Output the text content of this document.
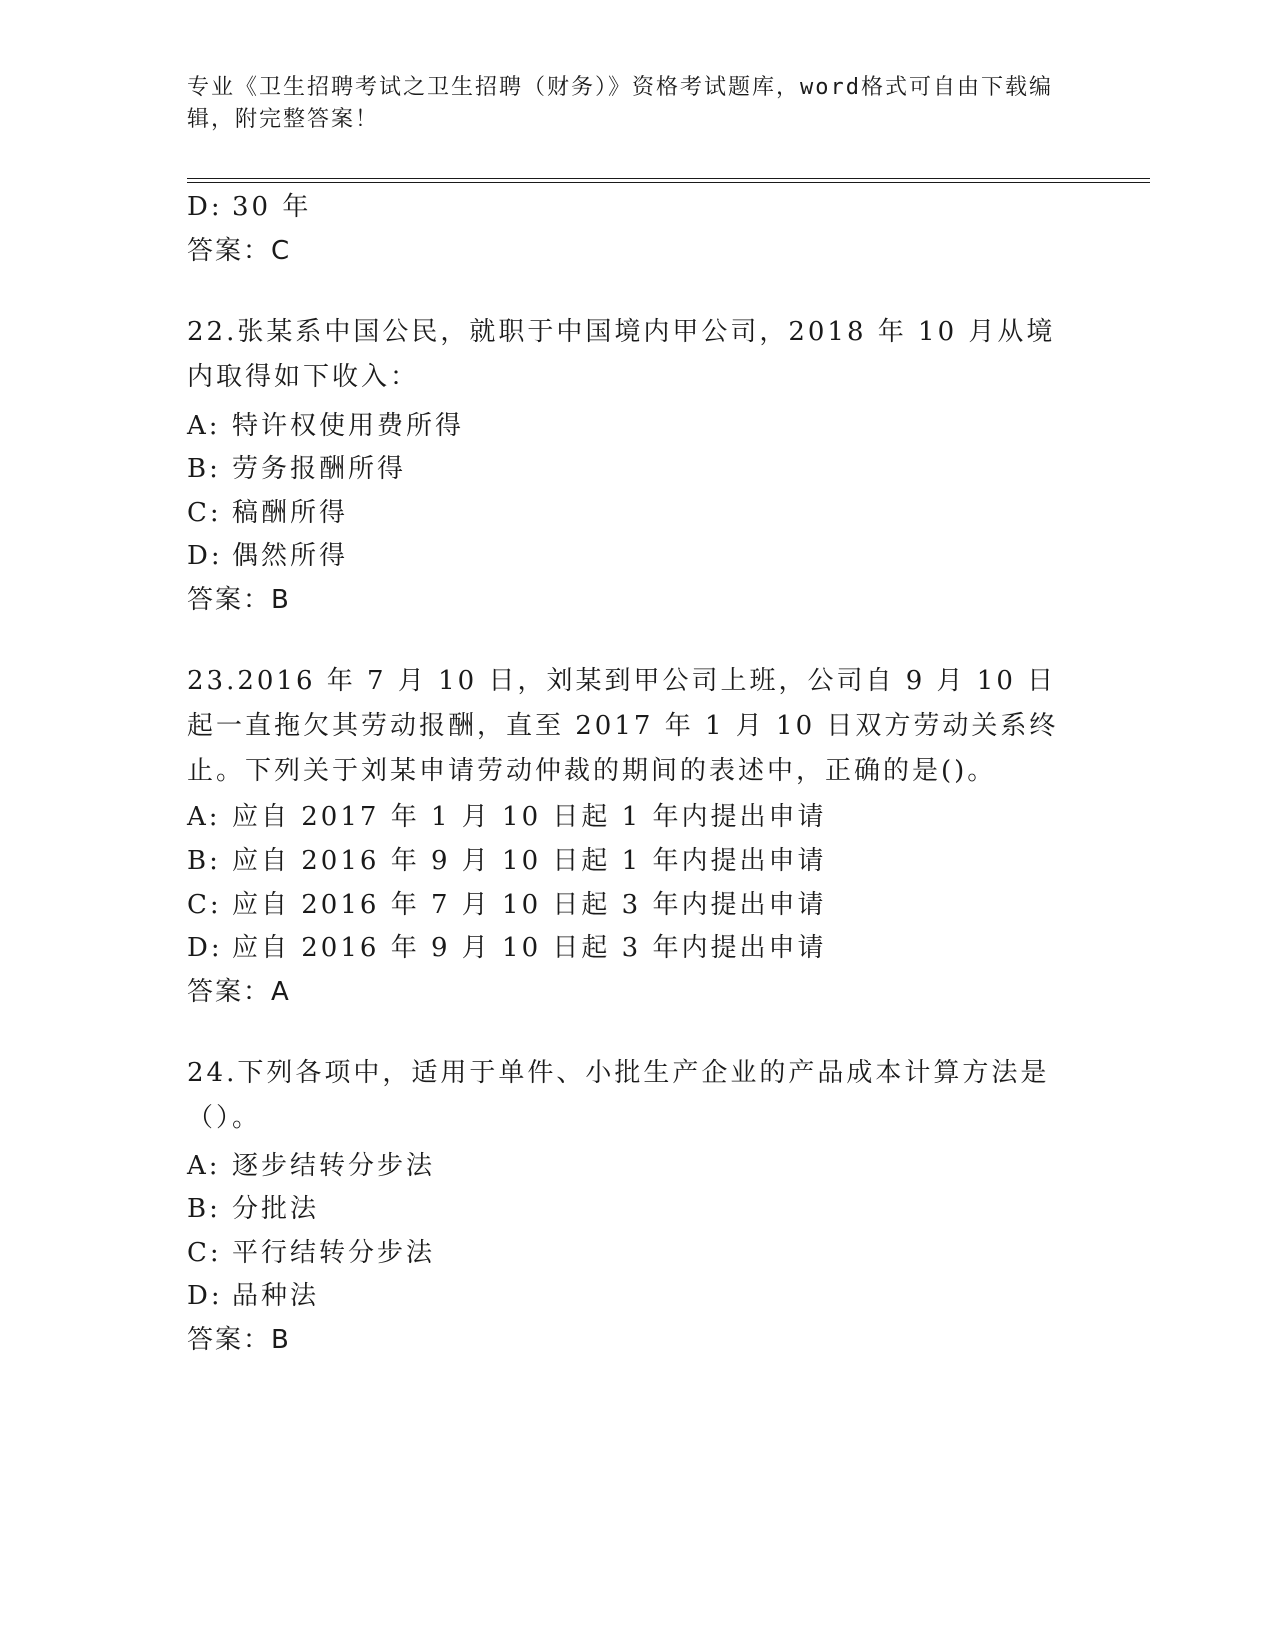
专业《卫生招聘考试之卫生招聘（财务）》资格考试题库，word格式可自由下载编辑，附完整答案！
D: 30 年
答案：C
22.张某系中国公民，就职于中国境内甲公司，2018 年 10 月从境内取得如下收入：
A: 特许权使用费所得
B: 劳务报酬所得
C: 稿酬所得
D: 偶然所得
答案：B
23.2016 年 7 月 10 日，刘某到甲公司上班，公司自 9 月 10 日起一直拖欠其劳动报酬，直至 2017 年 1 月 10 日双方劳动关系终止。下列关于刘某申请劳动仲裁的期间的表述中，正确的是()。
A: 应自 2017 年 1 月 10 日起 1 年内提出申请
B: 应自 2016 年 9 月 10 日起 1 年内提出申请
C: 应自 2016 年 7 月 10 日起 3 年内提出申请
D: 应自 2016 年 9 月 10 日起 3 年内提出申请
答案：A
24.下列各项中，适用于单件、小批生产企业的产品成本计算方法是（）。
A: 逐步结转分步法
B: 分批法
C: 平行结转分步法
D: 品种法
答案：B
